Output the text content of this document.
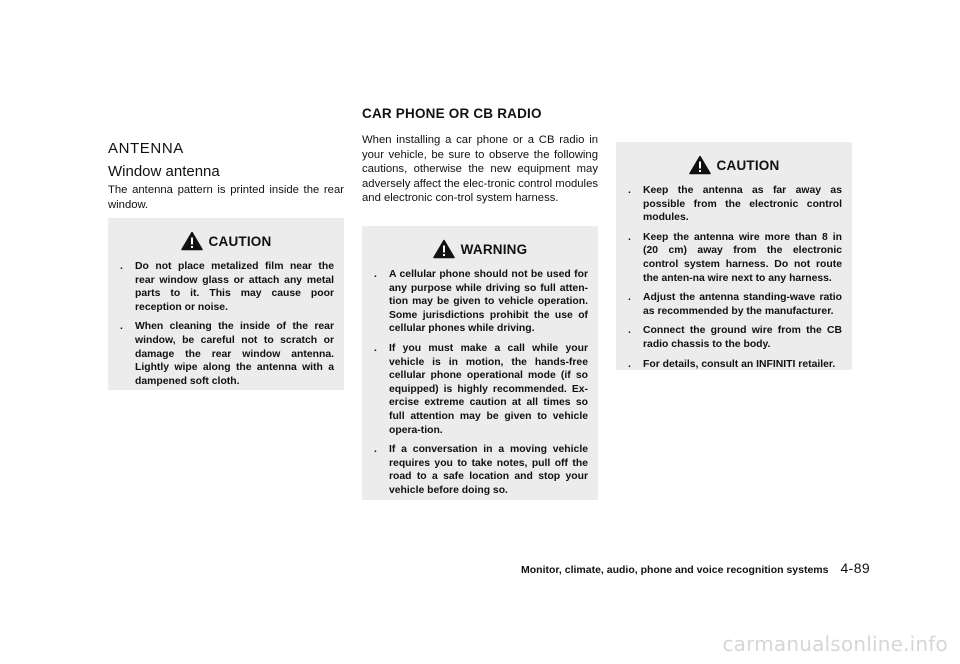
CAR PHONE OR CB RADIO
ANTENNA
Window antenna

The antenna pattern is printed inside the rear window.

CAUTION
. Do not place metalized film near the rear window glass or attach any metal parts to it. This may cause poor reception or noise.
. When cleaning the inside of the rear window, be careful not to scratch or damage the rear window antenna. Lightly wipe along the antenna with a dampened soft cloth.

When installing a car phone or a CB radio in your vehicle, be sure to observe the following cautions, otherwise the new equipment may adversely affect the elec-tronic control modules and electronic con-trol system harness.

WARNING
. A cellular phone should not be used for any purpose while driving so full atten-tion may be given to vehicle operation. Some jurisdictions prohibit the use of cellular phones while driving.
. If you must make a call while your vehicle is in motion, the hands-free cellular phone operational mode (if so equipped) is highly recommended. Ex-ercise extreme caution at all times so full attention may be given to vehicle opera-tion.
. If a conversation in a moving vehicle requires you to take notes, pull off the road to a safe location and stop your vehicle before doing so.
CAUTION
. Keep the antenna as far away as possible from the electronic control modules.
. Keep the antenna wire more than 8 in (20 cm) away from the electronic control system harness. Do not route the anten-na wire next to any harness.
. Adjust the antenna standing-wave ratio as recommended by the manufacturer.
. Connect the ground wire from the CB radio chassis to the body.
. For details, consult an INFINITI retailer.
Monitor, climate, audio, phone and voice recognition systems 4-89
carmanualsonline.info
